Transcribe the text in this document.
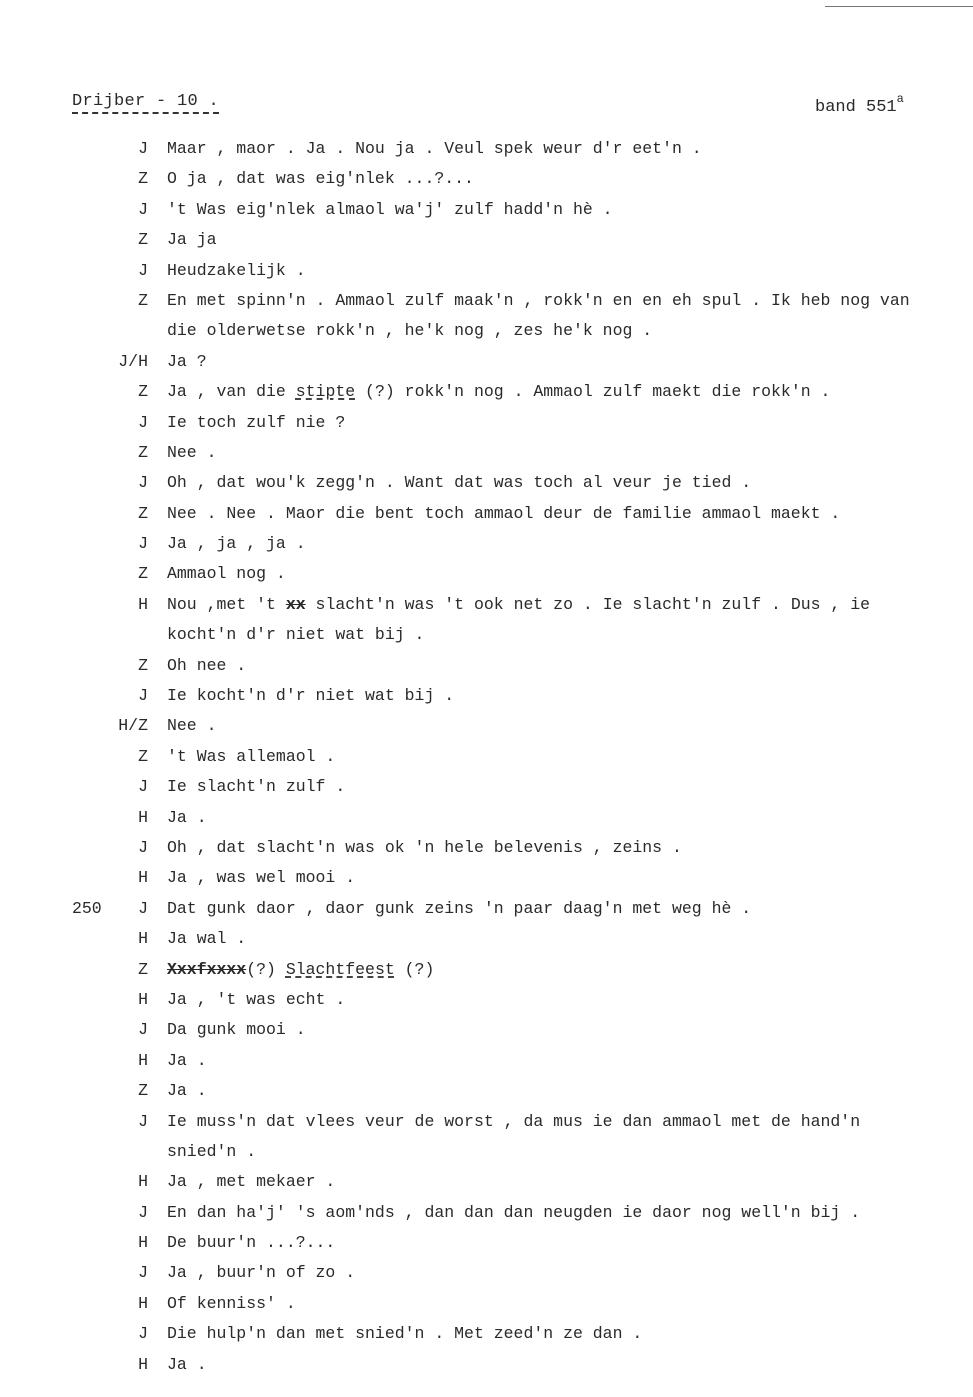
Drijber - 10 .	band 551$^a$
J Maar , maor . Ja . Nou ja . Veul spek weur d'r eet'n .
Z O ja , dat was eig'nlek ...?...
J 't Was eig'nlek almaol wa'j' zulf hadd'n hè .
Z Ja ja
J Heudzakelijk .
Z En met spinn'n . Ammaol zulf maak'n , rokk'n en en eh spul . Ik heb nog van
die olderwetse rokk'n , he'k nog , zes he'k nog .
J/H Ja ?
Z Ja , van die stipte (?) rokk'n nog . Ammaol zulf maekt die rokk'n .
J Ie toch zulf nie ?
Z Nee .
J Oh , dat wou'k zegg'n . Want dat was toch al veur je tied .
Z Nee . Nee . Maor die bent toch ammaol deur de familie ammaol maekt .
J Ja , ja , ja .
Z Ammaol nog .
H Nou ,met 't xx slacht'n was 't ook net zo . Ie slacht'n zulf . Dus , ie
kocht'n d'r niet wat bij .
Z Oh nee .
J Ie kocht'n d'r niet wat bij .
H/Z Nee .
Z 't Was allemaol .
J Ie slacht'n zulf .
H Ja .
J Oh , dat slacht'n was ok 'n hele belevenis , zeins .
H Ja , was wel mooi .
250	J Dat gunk daor , daor gunk zeins 'n paar daag'n met weg hè .
H Ja wal .
Z Xxxfxxxx(?) Slachtfeest (?)
H Ja , 't was echt .
J Da gunk mooi .
H Ja .
Z Ja .
J Ie muss'n dat vlees veur de worst , da mus ie dan ammaol met de hand'n
snied'n .
H Ja , met mekaer .
J En dan ha'j' 's aom'nds , dan dan dan neugden ie daor nog well'n bij .
H De buur'n ...?...
J Ja , buur'n of zo .
H Of kenniss' .
J Die hulp'n dan met snied'n . Met zeed'n ze dan .
H Ja .
